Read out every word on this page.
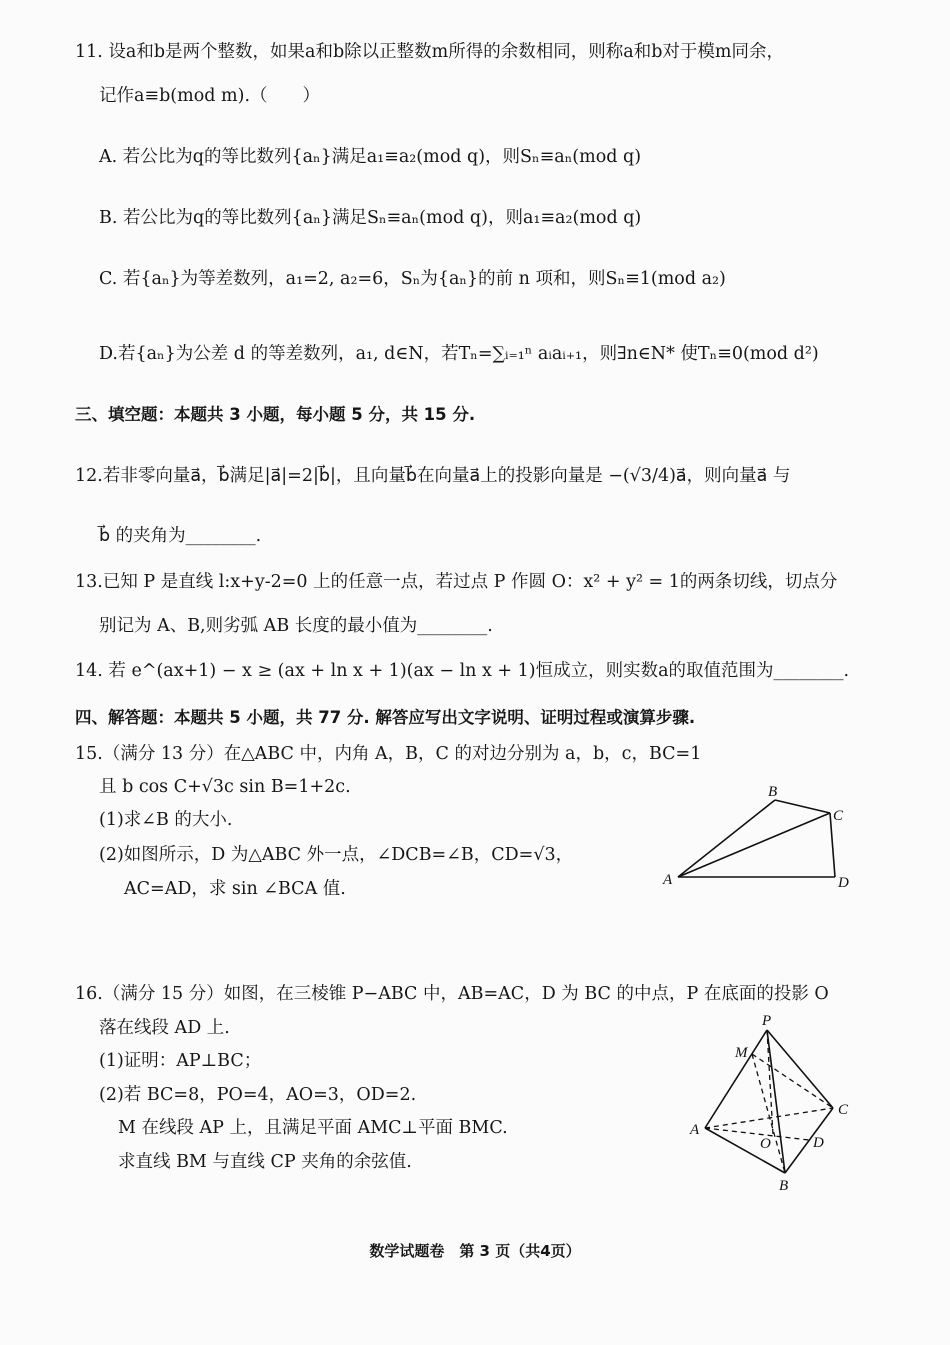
11. 设a和b是两个整数，如果a和b除以正整数m所得的余数相同，则称a和b对于模m同余，
记作a≡b(mod m).（　　）
A. 若公比为q的等比数列{aₙ}满足a₁≡a₂(mod q)，则Sₙ≡aₙ(mod q)
B. 若公比为q的等比数列{aₙ}满足Sₙ≡aₙ(mod q)，则a₁≡a₂(mod q)
C. 若{aₙ}为等差数列，a₁=2, a₂=6，Sₙ为{aₙ}的前 n 项和，则Sₙ≡1(mod a₂)
D.若{aₙ}为公差 d 的等差数列，a₁, d∈N，若Tₙ=∑ᵢ₌₁ⁿ aᵢaᵢ₊₁，则∃n∈N* 使Tₙ≡0(mod d²)
三、填空题：本题共 3 小题，每小题 5 分，共 15 分.
12.若非零向量a⃗，b⃗满足|a⃗|=2|b⃗|，且向量b⃗在向量a⃗上的投影向量是 −(√3/4)a⃗，则向量a⃗ 与
b⃗ 的夹角为________.
13.已知 P 是直线 l:x+y-2=0 上的任意一点，若过点 P 作圆 O：x² + y² = 1的两条切线，切点分
别记为 A、B,则劣弧 AB 长度的最小值为________.
14. 若 e^(ax+1) − x ≥ (ax + ln x + 1)(ax − ln x + 1)恒成立，则实数a的取值范围为________.
四、解答题：本题共 5 小题，共 77 分. 解答应写出文字说明、证明过程或演算步骤.
15.（满分 13 分）在△ABC 中，内角 A，B，C 的对边分别为 a，b，c，BC=1
且 b cos C+√3c sin B=1+2c.
(1)求∠B 的大小.
(2)如图所示，D 为△ABC 外一点，∠DCB=∠B，CD=√3，
AC=AD，求 sin ∠BCA 值.	A
B
C
D
16.（满分 15 分）如图，在三棱锥 P−ABC 中，AB=AC，D 为 BC 的中点，P 在底面的投影 O
落在线段 AD 上.
(1)证明：AP⊥BC；
(2)若 BC=8，PO=4，AO=3，OD=2.
M 在线段 AP 上，且满足平面 AMC⊥平面 BMC.
求直线 BM 与直线 CP 夹角的余弦值.
P
M
A
O	D
C
B
数学试题卷　第 3 页（共4页）
